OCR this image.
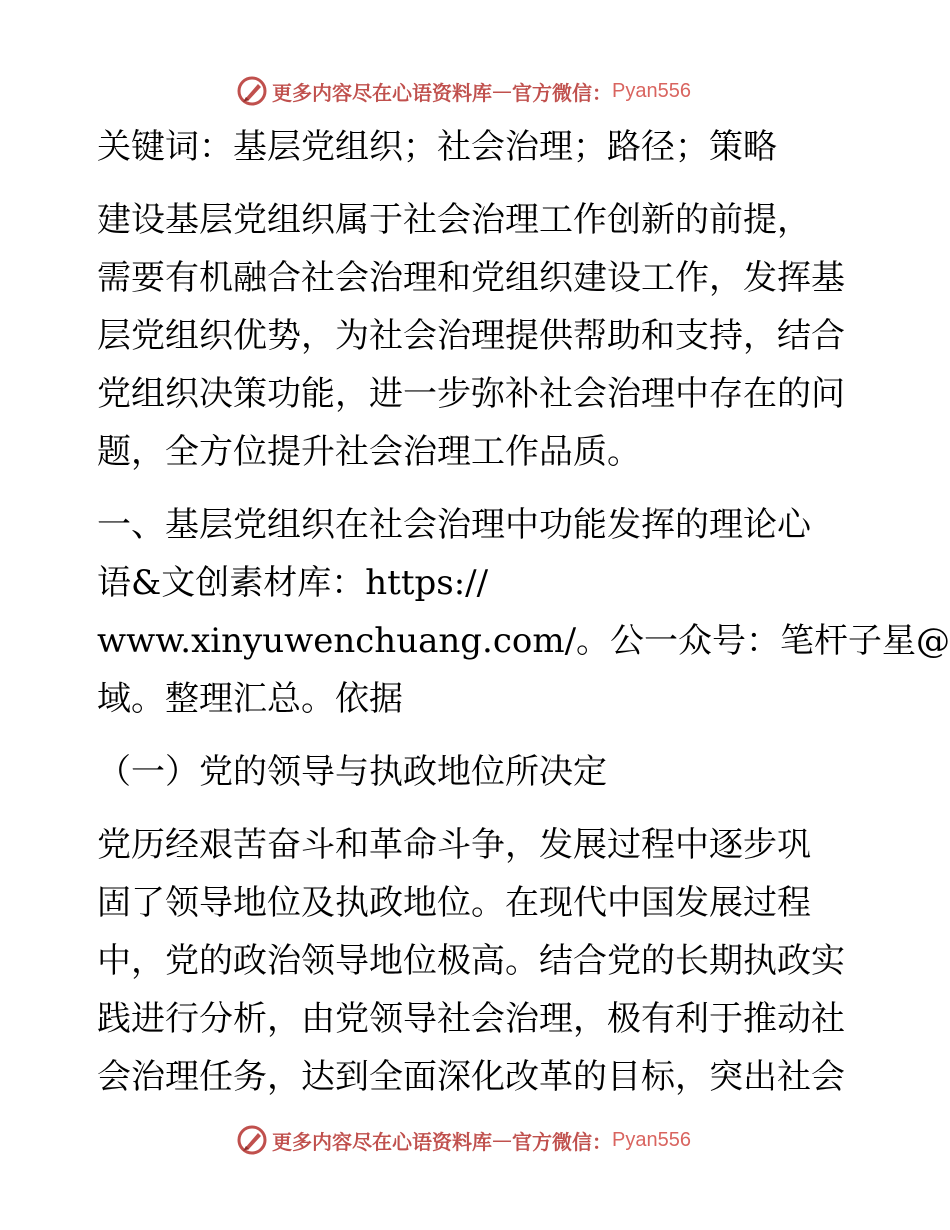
更多内容尽在心语资料库 — 官方微信： Pyan556

关键词：基层党组织；社会治理；路径；策略

建设基层党组织属于社会治理工作创新的前提，
需要有机融合社会治理和党组织建设工作，发挥基
层党组织优势，为社会治理提供帮助和支持，结合
党组织决策功能，进一步弥补社会治理中存在的问
题，全方位提升社会治理工作品质。

一、基层党组织在社会治理中功能发挥的理论心
语&文创素材库：https://
www.xinyuwenchuang.com/。公一众号：笔杆子星@
域。整理汇总。依据

（一）党的领导与执政地位所决定

党历经艰苦奋斗和革命斗争，发展过程中逐步巩
固了领导地位及执政地位。在现代中国发展过程
中，党的政治领导地位极高。结合党的长期执政实
践进行分析，由党领导社会治理，极有利于推动社
会治理任务，达到全面深化改革的目标，突出社会

更多内容尽在心语资料库 — 官方微信： Pyan556
